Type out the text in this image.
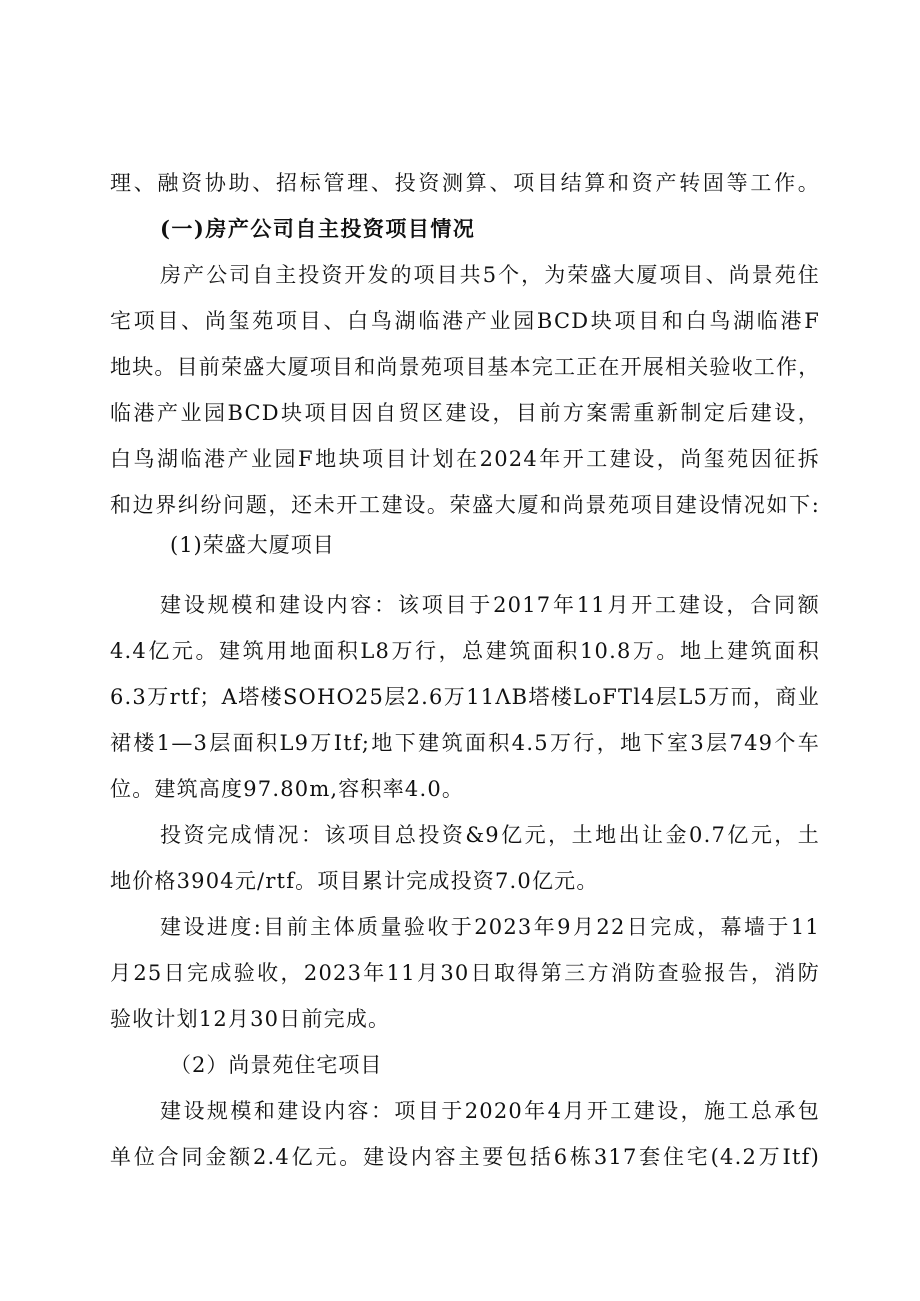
理、融资协助、招标管理、投资测算、项目结算和资产转固等工作。
(一)房产公司自主投资项目情况
房产公司自主投资开发的项目共5个，为荣盛大厦项目、尚景苑住
宅项目、尚玺苑项目、白鸟湖临港产业园BCD块项目和白鸟湖临港F
地块。目前荣盛大厦项目和尚景苑项目基本完工正在开展相关验收工作，
临港产业园BCD块项目因自贸区建设，目前方案需重新制定后建设，
白鸟湖临港产业园F地块项目计划在2024年开工建设，尚玺苑因征拆
和边界纠纷问题，还未开工建设。荣盛大厦和尚景苑项目建设情况如下:
(1)荣盛大厦项目
建设规模和建设内容：该项目于2017年11月开工建设，合同额
4.4亿元。建筑用地面积L8万行，总建筑面积10.8万。地上建筑面积
6.3万rtf；A塔楼SOHO25层2.6万11ΛB塔楼LoFTl4层L5万而，商业
裙楼1—3层面积L9万Itf;地下建筑面积4.5万行，地下室3层749个车
位。建筑高度97.80m,容积率4.0。
投资完成情况：该项目总投资&9亿元，土地出让金0.7亿元，土
地价格3904元/rtf。项目累计完成投资7.0亿元。
建设进度:目前主体质量验收于2023年9月22日完成，幕墙于11
月25日完成验收，2023年11月30日取得第三方消防查验报告，消防
验收计划12月30日前完成。
（2）尚景苑住宅项目
建设规模和建设内容：项目于2020年4月开工建设，施工总承包
单位合同金额2.4亿元。建设内容主要包括6栋317套住宅(4.2万Itf)
